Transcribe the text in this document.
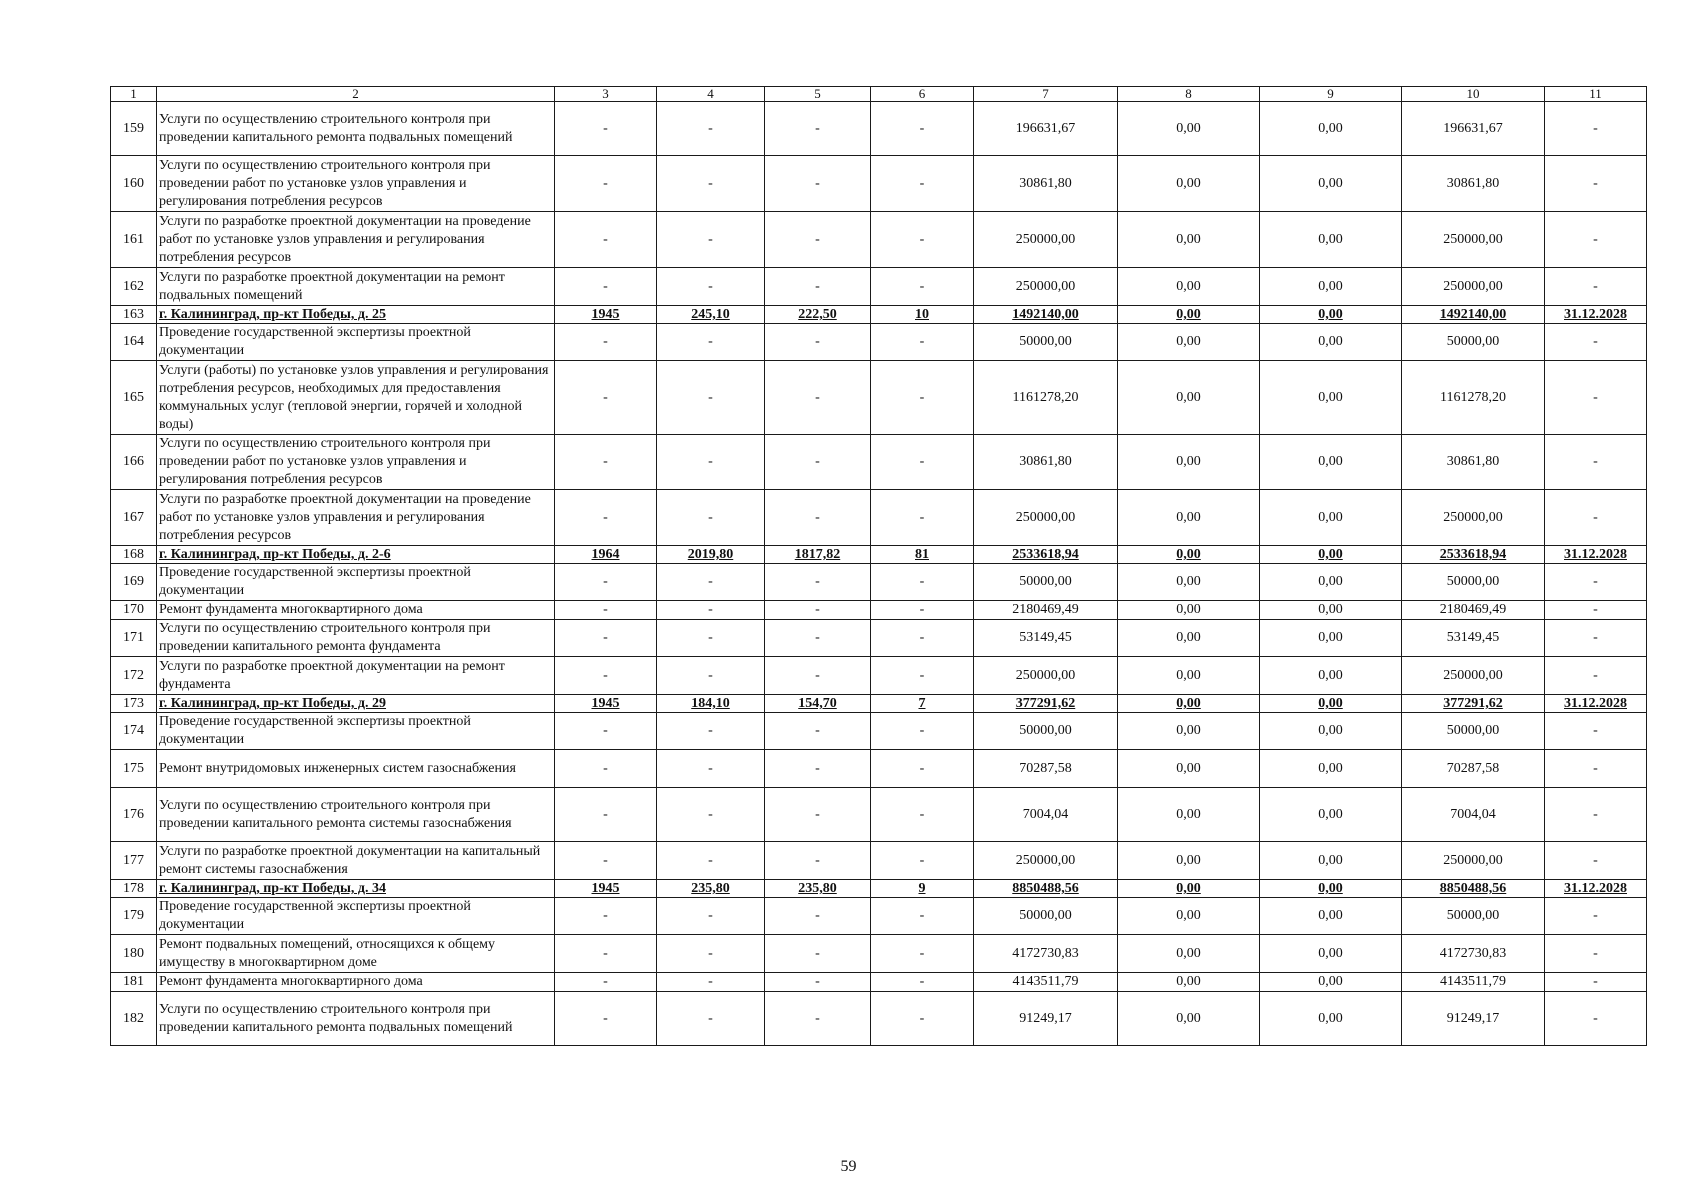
1	2	3	4	5	6	7	8	9	10	11
159	Услуги по осуществлению строительного контроля при проведении капитального ремонта подвальных помещений	-	-	-	-	196631,67	0,00	0,00	196631,67	-
160	Услуги по осуществлению строительного контроля при проведении работ по установке узлов управления и регулирования потребления ресурсов	-	-	-	-	30861,80	0,00	0,00	30861,80	-
161	Услуги по разработке проектной документации на проведение работ по установке узлов управления и регулирования потребления ресурсов	-	-	-	-	250000,00	0,00	0,00	250000,00	-
162	Услуги по разработке проектной документации на ремонт подвальных помещений	-	-	-	-	250000,00	0,00	0,00	250000,00	-
163	г. Калининград, пр-кт Победы, д. 25	1945	245,10	222,50	10	1492140,00	0,00	0,00	1492140,00	31.12.2028
164	Проведение государственной экспертизы проектной документации	-	-	-	-	50000,00	0,00	0,00	50000,00	-
165	Услуги (работы) по установке узлов управления и регулирования потребления ресурсов, необходимых для предоставления коммунальных услуг (тепловой энергии, горячей и холодной воды)	-	-	-	-	1161278,20	0,00	0,00	1161278,20	-
166	Услуги по осуществлению строительного контроля при проведении работ по установке узлов управления и регулирования потребления ресурсов	-	-	-	-	30861,80	0,00	0,00	30861,80	-
167	Услуги по разработке проектной документации на проведение работ по установке узлов управления и регулирования потребления ресурсов	-	-	-	-	250000,00	0,00	0,00	250000,00	-
168	г. Калининград, пр-кт Победы, д. 2-6	1964	2019,80	1817,82	81	2533618,94	0,00	0,00	2533618,94	31.12.2028
169	Проведение государственной экспертизы проектной документации	-	-	-	-	50000,00	0,00	0,00	50000,00	-
170	Ремонт фундамента многоквартирного дома	-	-	-	-	2180469,49	0,00	0,00	2180469,49	-
171	Услуги по осуществлению строительного контроля при проведении капитального ремонта фундамента	-	-	-	-	53149,45	0,00	0,00	53149,45	-
172	Услуги по разработке проектной документации на ремонт фундамента	-	-	-	-	250000,00	0,00	0,00	250000,00	-
173	г. Калининград, пр-кт Победы, д. 29	1945	184,10	154,70	7	377291,62	0,00	0,00	377291,62	31.12.2028
174	Проведение государственной экспертизы проектной документации	-	-	-	-	50000,00	0,00	0,00	50000,00	-
175	Ремонт внутридомовых инженерных систем газоснабжения	-	-	-	-	70287,58	0,00	0,00	70287,58	-
176	Услуги по осуществлению строительного контроля при проведении капитального ремонта системы газоснабжения	-	-	-	-	7004,04	0,00	0,00	7004,04	-
177	Услуги по разработке проектной документации на капитальный ремонт системы газоснабжения	-	-	-	-	250000,00	0,00	0,00	250000,00	-
178	г. Калининград, пр-кт Победы, д. 34	1945	235,80	235,80	9	8850488,56	0,00	0,00	8850488,56	31.12.2028
179	Проведение государственной экспертизы проектной документации	-	-	-	-	50000,00	0,00	0,00	50000,00	-
180	Ремонт подвальных помещений, относящихся к общему имуществу в многоквартирном доме	-	-	-	-	4172730,83	0,00	0,00	4172730,83	-
181	Ремонт фундамента многоквартирного дома	-	-	-	-	4143511,79	0,00	0,00	4143511,79	-
182	Услуги по осуществлению строительного контроля при проведении капитального ремонта подвальных помещений	-	-	-	-	91249,17	0,00	0,00	91249,17	-
59
